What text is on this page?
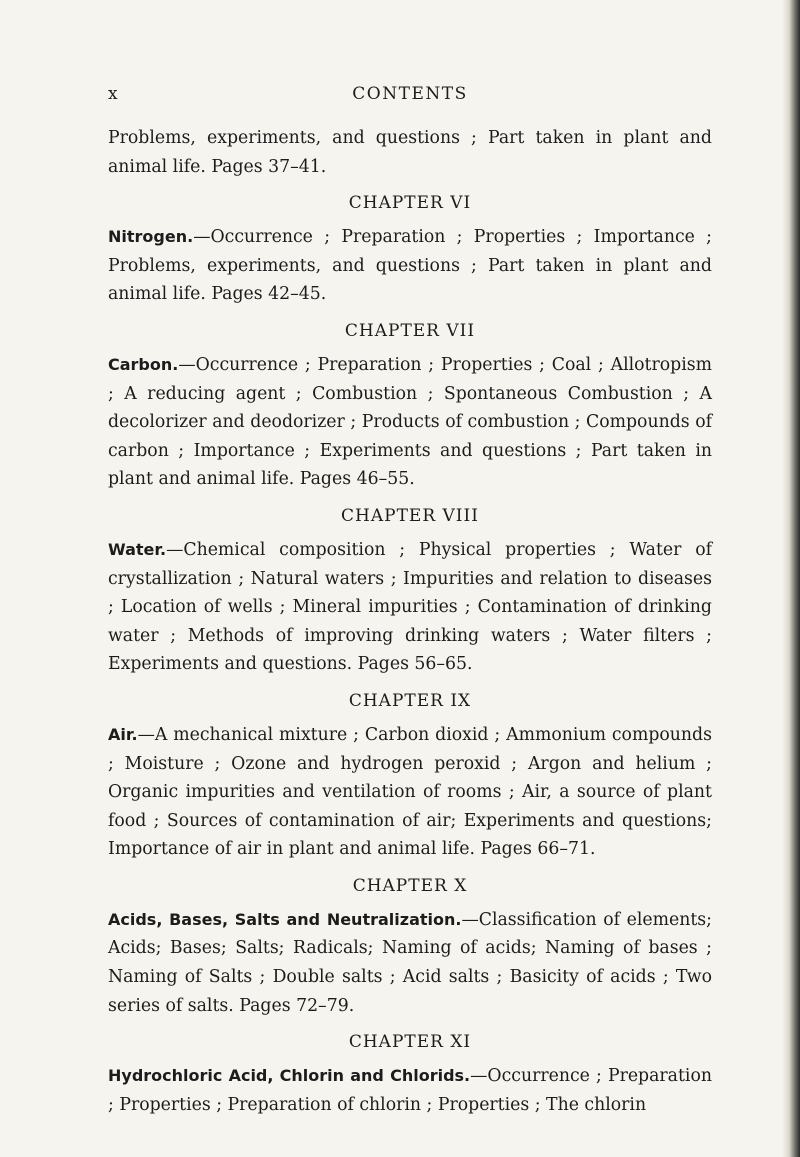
x	CONTENTS

Problems, experiments, and questions ; Part taken in plant and animal life. Pages 37–41.

CHAPTER VI

Nitrogen.—Occurrence ; Preparation ; Properties ; Importance ; Problems, experiments, and questions ; Part taken in plant and animal life. Pages 42–45.

CHAPTER VII

Carbon.—Occurrence ; Preparation ; Properties ; Coal ; Allotropism ; A reducing agent ; Combustion ; Spontaneous Combustion ; A decolorizer and deodorizer ; Products of combustion ; Compounds of carbon ; Importance ; Experiments and questions ; Part taken in plant and animal life. Pages 46–55.

CHAPTER VIII

Water.—Chemical composition ; Physical properties ; Water of crystallization ; Natural waters ; Impurities and relation to diseases ; Location of wells ; Mineral impurities ; Contamination of drinking water ; Methods of improving drinking waters ; Water filters ; Experiments and questions. Pages 56–65.

CHAPTER IX

Air.—A mechanical mixture ; Carbon dioxid ; Ammonium compounds ; Moisture ; Ozone and hydrogen peroxid ; Argon and helium ; Organic impurities and ventilation of rooms ; Air, a source of plant food ; Sources of contamination of air; Experiments and questions; Importance of air in plant and animal life. Pages 66–71.

CHAPTER X

Acids, Bases, Salts and Neutralization.—Classification of elements; Acids; Bases; Salts; Radicals; Naming of acids; Naming of bases ; Naming of Salts ; Double salts ; Acid salts ; Basicity of acids ; Two series of salts. Pages 72–79.

CHAPTER XI

Hydrochloric Acid, Chlorin and Chlorids.—Occurrence ; Preparation ; Properties ; Preparation of chlorin ; Properties ; The chlorin
